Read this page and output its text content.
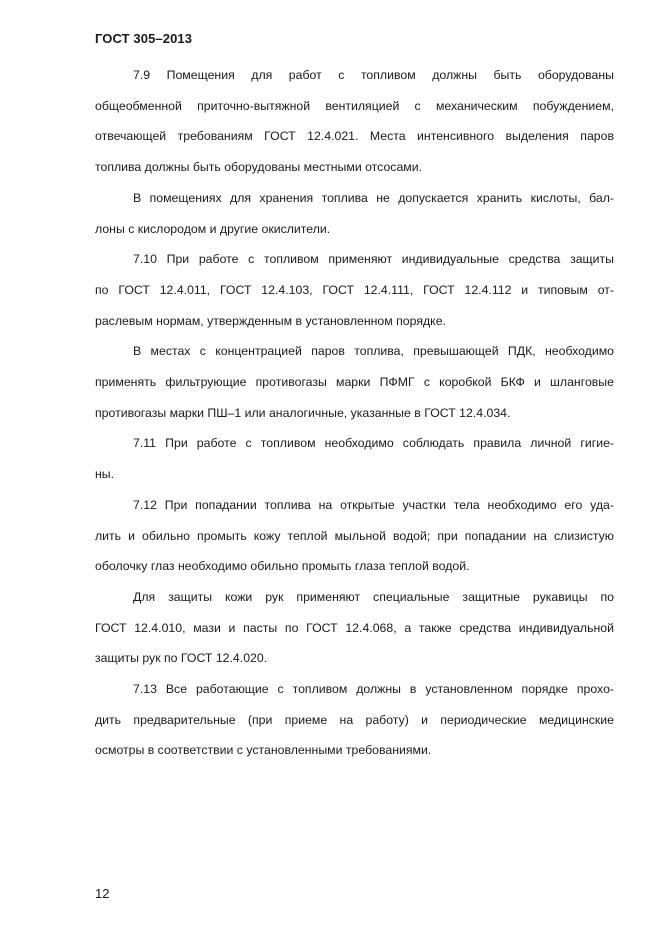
ГОСТ 305–2013

7.9 Помещения для работ с топливом должны быть оборудованы
общеобменной приточно-вытяжной вентиляцией с механическим побуждением,
отвечающей требованиям ГОСТ 12.4.021. Места интенсивного выделения паров
топлива должны быть оборудованы местными отсосами.

В помещениях для хранения топлива не допускается хранить кислоты, бал-
лоны с кислородом и другие окислители.

7.10 При работе с топливом применяют индивидуальные средства защиты
по ГОСТ 12.4.011, ГОСТ 12.4.103, ГОСТ 12.4.111, ГОСТ 12.4.112 и типовым от-
раслевым нормам, утвержденным в установленном порядке.

В местах с концентрацией паров топлива, превышающей ПДК, необходимо
применять фильтрующие противогазы марки ПФМГ с коробкой БКФ и шланговые
противогазы марки ПШ–1 или аналогичные, указанные в ГОСТ 12.4.034.

7.11 При работе с топливом необходимо соблюдать правила личной гигие-
ны.

7.12 При попадании топлива на открытые участки тела необходимо его уда-
лить и обильно промыть кожу теплой мыльной водой; при попадании на слизистую
оболочку глаз необходимо обильно промыть глаза теплой водой.

Для защиты кожи рук применяют специальные защитные рукавицы по
ГОСТ 12.4.010, мази и пасты по ГОСТ 12.4.068, а также средства индивидуальной
защиты рук по ГОСТ 12.4.020.

7.13 Все работающие с топливом должны в установленном порядке прохо-
дить предварительные (при приеме на работу) и периодические медицинские
осмотры в соответствии с установленными требованиями.

12
